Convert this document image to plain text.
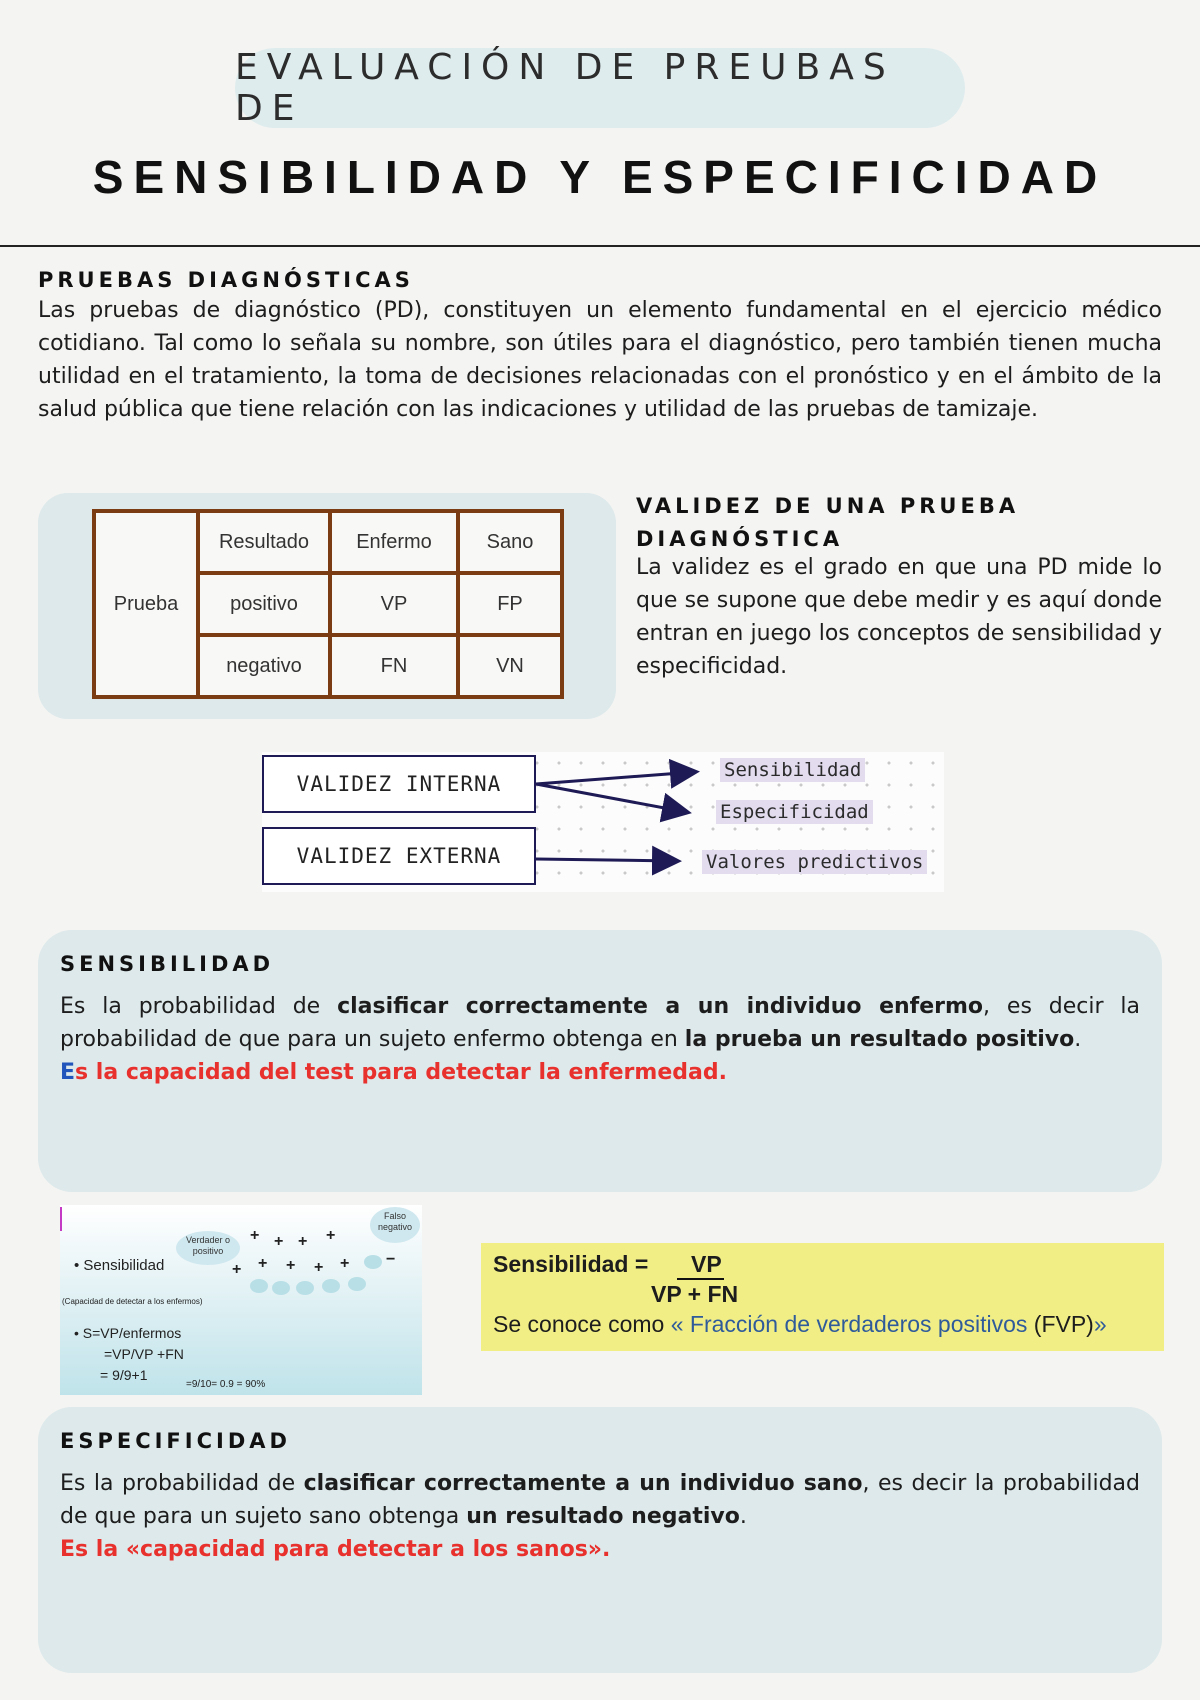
EVALUACIÓN DE PREUBAS DE
SENSIBILIDAD Y ESPECIFICIDAD
PRUEBAS DIAGNÓSTICAS
Las pruebas de diagnóstico (PD), constituyen un elemento fundamental en el ejercicio médico cotidiano. Tal como lo señala su nombre, son útiles para el diagnóstico, pero también tienen mucha utilidad en el tratamiento, la toma de decisiones relacionadas con el pronóstico y en el ámbito de la salud pública que tiene relación con las indicaciones y utilidad de las pruebas de tamizaje.
Prueba	Resultado	Enfermo	Sano
	positivo	VP	FP
	negativo	FN	VN
VALIDEZ DE UNA PRUEBA DIAGNÓSTICA
La validez es el grado en que una PD mide lo que se supone que debe medir y es aquí donde entran en juego los conceptos de sensibilidad y especificidad.
VALIDEZ INTERNA
VALIDEZ EXTERNA
Sensibilidad
Especificidad
Valores predictivos
SENSIBILIDAD
Es la probabilidad de clasificar correctamente a un individuo enfermo, es decir la probabilidad de que para un sujeto enfermo obtenga en la prueba un resultado positivo.
Es la capacidad del test para detectar la enfermedad.
Verdader o positivo
Falso negativo
+ + + +
+ + + + + −
• Sensibilidad
(Capacidad de detectar a los enfermos)
• S=VP/enfermos
=VP/VP +FN
= 9/9+1
=9/10= 0.9 = 90%
Sensibilidad =	VP
VP + FN
Se conoce como « Fracción de verdaderos positivos (FVP)»
ESPECIFICIDAD
Es la probabilidad de clasificar correctamente a un individuo sano, es decir la probabilidad de que para un sujeto sano obtenga un resultado negativo.
Es la «capacidad para detectar a los sanos».
